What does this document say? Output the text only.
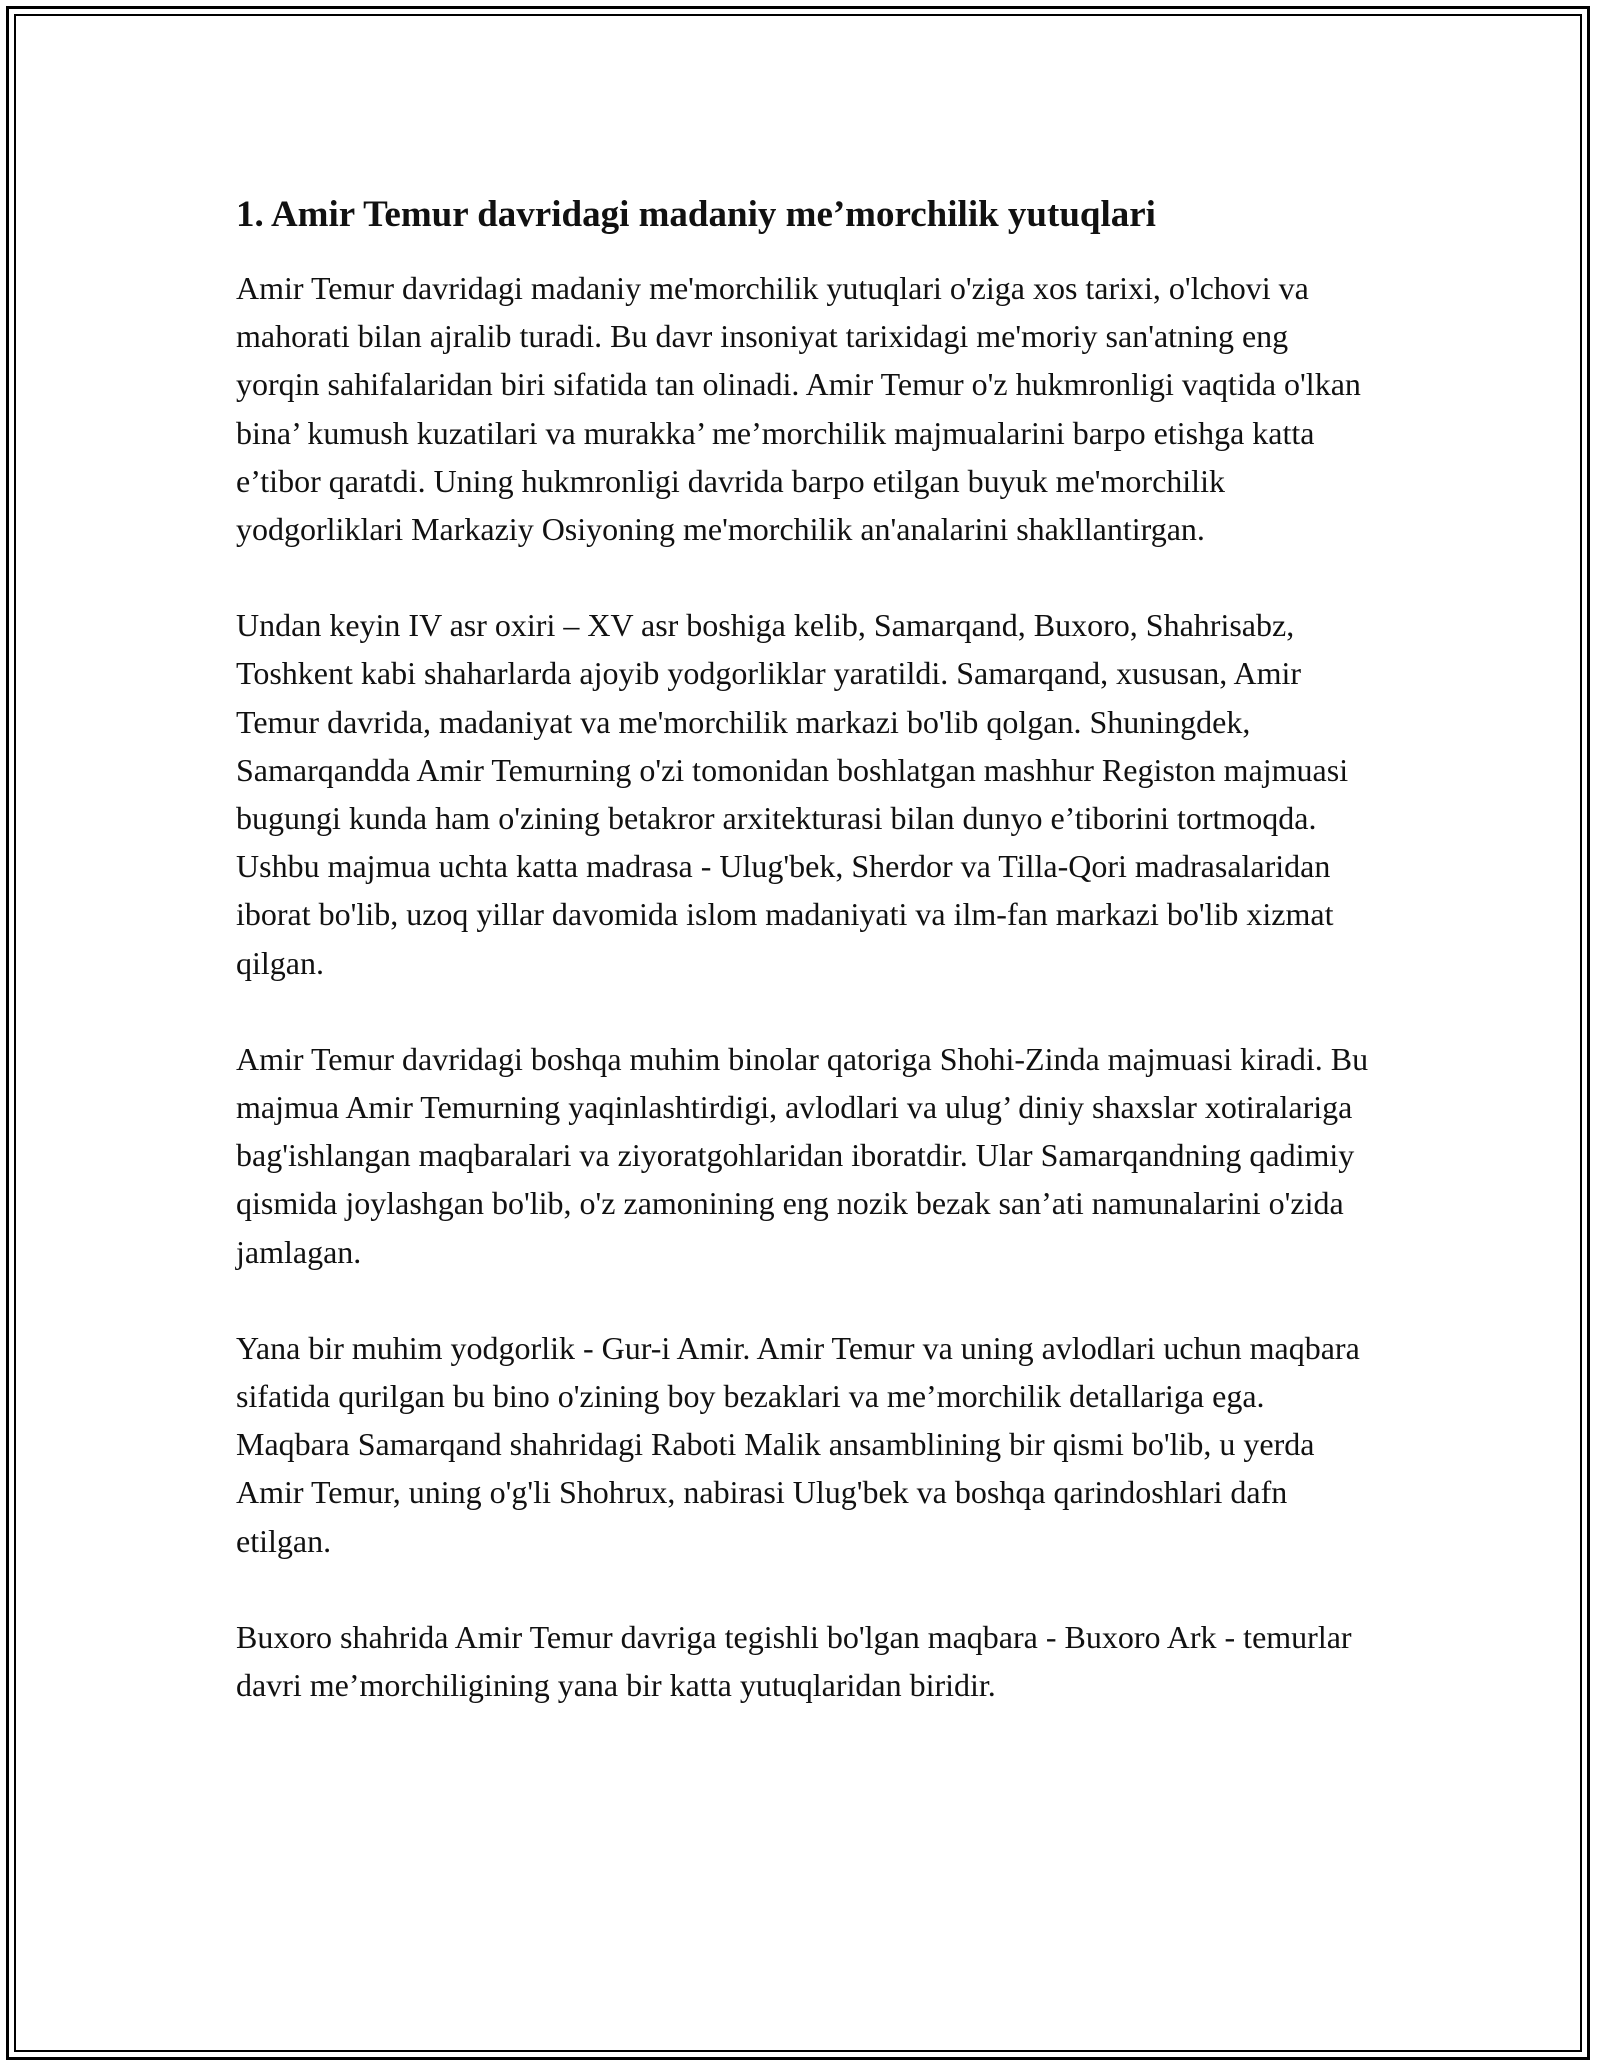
1. Amir Temur davridagi madaniy me’morchilik yutuqlari

Amir Temur davridagi madaniy me'morchilik yutuqlari o'ziga xos tarixi, o'lchovi va mahorati bilan ajralib turadi. Bu davr insoniyat tarixidagi me'moriy san'atning eng yorqin sahifalaridan biri sifatida tan olinadi. Amir Temur o'z hukmronligi vaqtida o'lkan bina’ kumush kuzatilari va murakka’ me’morchilik majmualarini barpo etishga katta e’tibor qaratdi. Uning hukmronligi davrida barpo etilgan buyuk me'morchilik yodgorliklari Markaziy Osiyoning me'morchilik an'analarini shakllantirgan.

Undan keyin IV asr oxiri – XV asr boshiga kelib, Samarqand, Buxoro, Shahrisabz, Toshkent kabi shaharlarda ajoyib yodgorliklar yaratildi. Samarqand, xususan, Amir Temur davrida, madaniyat va me'morchilik markazi bo'lib qolgan. Shuningdek, Samarqandda Amir Temurning o'zi tomonidan boshlatgan mashhur Registon majmuasi bugungi kunda ham o'zining betakror arxitekturasi bilan dunyo e’tiborini tortmoqda. Ushbu majmua uchta katta madrasa - Ulug'bek, Sherdor va Tilla-Qori madrasalaridan iborat bo'lib, uzoq yillar davomida islom madaniyati va ilm-fan markazi bo'lib xizmat qilgan.

Amir Temur davridagi boshqa muhim binolar qatoriga Shohi-Zinda majmuasi kiradi. Bu majmua Amir Temurning yaqinlashtirdigi, avlodlari va ulug’ diniy shaxslar xotiralariga bag'ishlangan maqbaralari va ziyoratgohlaridan iboratdir. Ular Samarqandning qadimiy qismida joylashgan bo'lib, o'z zamonining eng nozik bezak san’ati namunalarini o'zida jamlagan.

Yana bir muhim yodgorlik - Gur-i Amir. Amir Temur va uning avlodlari uchun maqbara sifatida qurilgan bu bino o'zining boy bezaklari va me’morchilik detallariga ega. Maqbara Samarqand shahridagi Raboti Malik ansamblining bir qismi bo'lib, u yerda Amir Temur, uning o'g'li Shohrux, nabirasi Ulug'bek va boshqa qarindoshlari dafn etilgan.

Buxoro shahrida Amir Temur davriga tegishli bo'lgan maqbara - Buxoro Ark - temurlar davri me’morchiligining yana bir katta yutuqlaridan biridir.
